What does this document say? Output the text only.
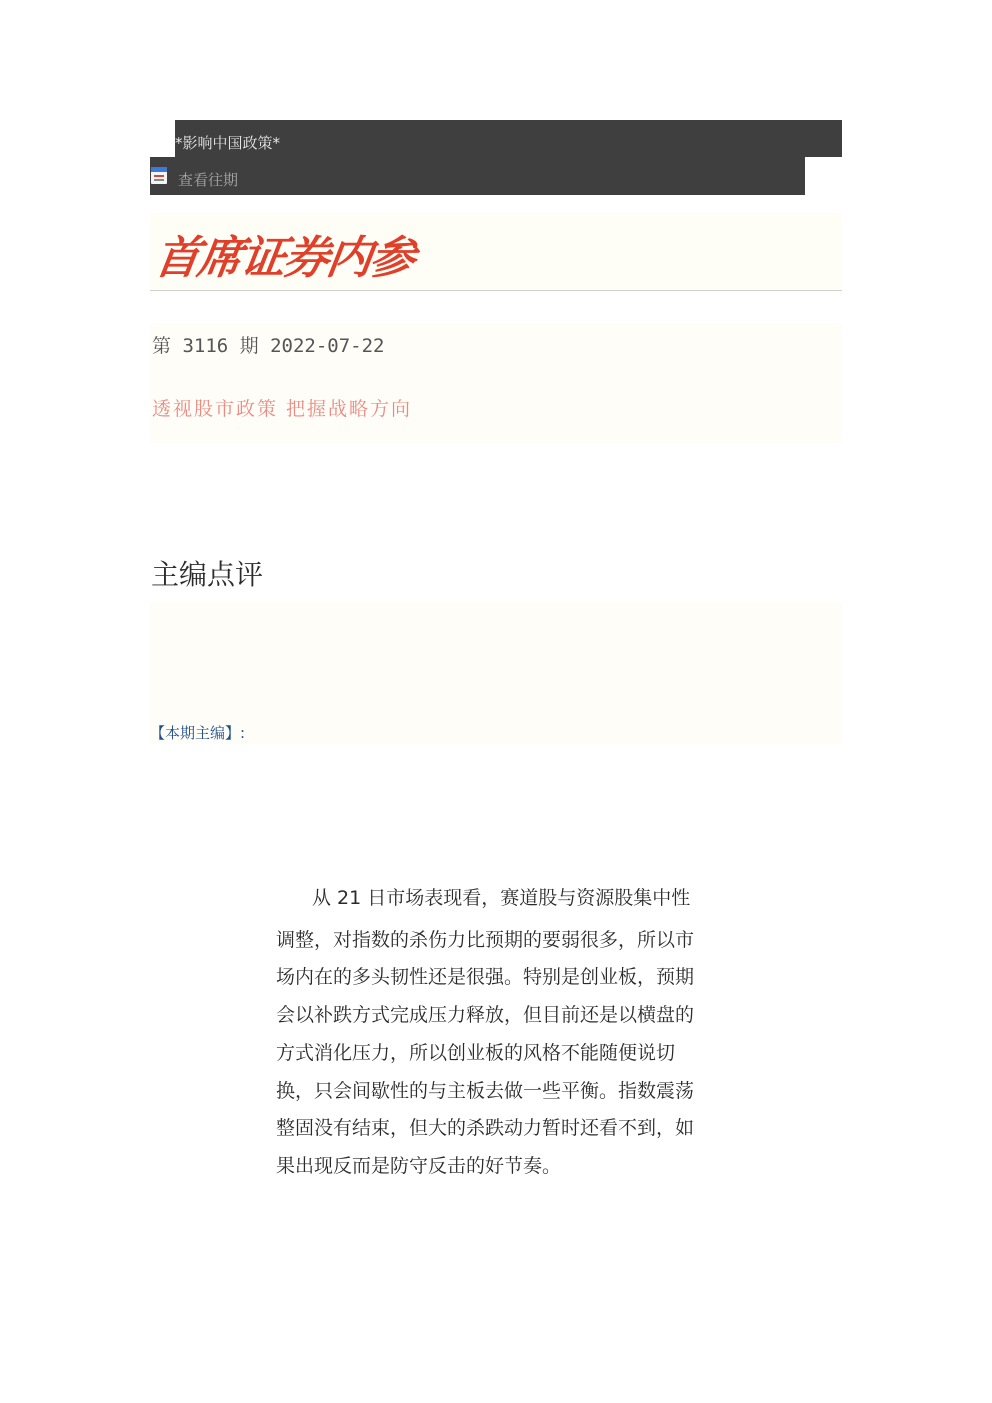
*影响中国政策*
查看往期
首席证券内参
第 3116 期 2022-07-22
透视股市政策 把握战略方向
主编点评
【本期主编】:

从 21 日市场表现看，赛道股与资源股集中性

调整，对指数的杀伤力比预期的要弱很多，所以市

场内在的多头韧性还是很强。特别是创业板，预期

会以补跌方式完成压力释放，但目前还是以横盘的

方式消化压力，所以创业板的风格不能随便说切

换，只会间歇性的与主板去做一些平衡。指数震荡

整固没有结束，但大的杀跌动力暂时还看不到，如

果出现反而是防守反击的好节奏。
